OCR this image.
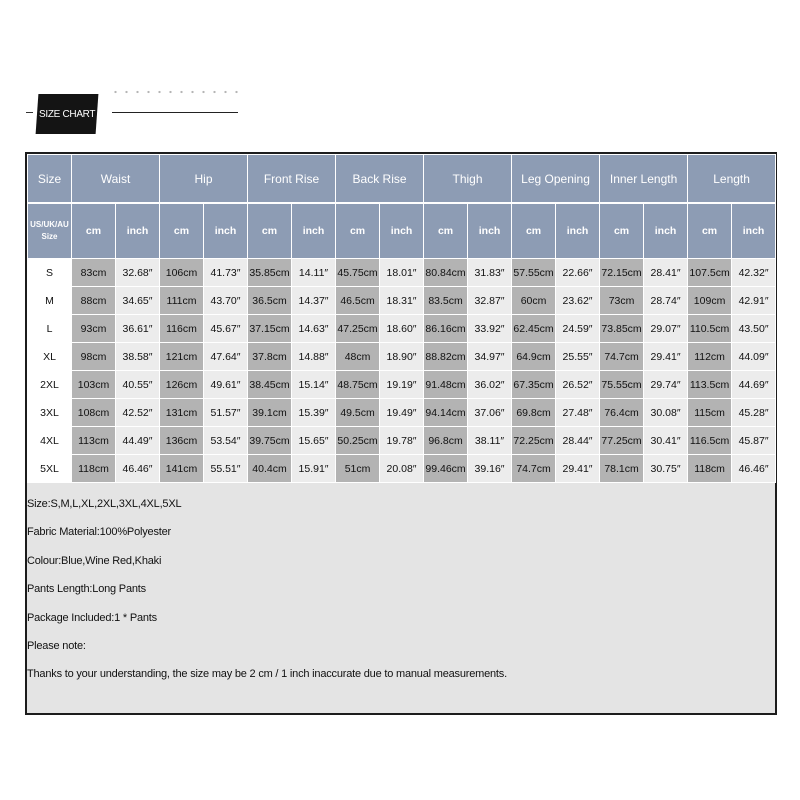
SIZE CHART
Size	Waist		Hip		Front Rise		Back Rise		Thigh		Leg Opening		Inner Length		Length	
US/UK/AU Size	cm	inch	cm	inch	cm	inch	cm	inch	cm	inch	cm	inch	cm	inch	cm	inch
S	83cm	32.68″	106cm	41.73″	35.85cm	14.11″	45.75cm	18.01″	80.84cm	31.83″	57.55cm	22.66″	72.15cm	28.41″	107.5cm	42.32″
M	88cm	34.65″	111cm	43.70″	36.5cm	14.37″	46.5cm	18.31″	83.5cm	32.87″	60cm	23.62″	73cm	28.74″	109cm	42.91″
L	93cm	36.61″	116cm	45.67″	37.15cm	14.63″	47.25cm	18.60″	86.16cm	33.92″	62.45cm	24.59″	73.85cm	29.07″	110.5cm	43.50″
XL	98cm	38.58″	121cm	47.64″	37.8cm	14.88″	48cm	18.90″	88.82cm	34.97″	64.9cm	25.55″	74.7cm	29.41″	112cm	44.09″
2XL	103cm	40.55″	126cm	49.61″	38.45cm	15.14″	48.75cm	19.19″	91.48cm	36.02″	67.35cm	26.52″	75.55cm	29.74″	113.5cm	44.69″
3XL	108cm	42.52″	131cm	51.57″	39.1cm	15.39″	49.5cm	19.49″	94.14cm	37.06″	69.8cm	27.48″	76.4cm	30.08″	115cm	45.28″
4XL	113cm	44.49″	136cm	53.54″	39.75cm	15.65″	50.25cm	19.78″	96.8cm	38.11″	72.25cm	28.44″	77.25cm	30.41″	116.5cm	45.87″
5XL	118cm	46.46″	141cm	55.51″	40.4cm	15.91″	51cm	20.08″	99.46cm	39.16″	74.7cm	29.41″	78.1cm	30.75″	118cm	46.46″
Size:S,M,L,XL,2XL,3XL,4XL,5XL
Fabric Material:100%Polyester
Colour:Blue,Wine Red,Khaki
Pants Length:Long Pants
Package Included:1 * Pants
Please note:
Thanks to your understanding, the size may be 2 cm / 1 inch inaccurate due to manual measurements.
